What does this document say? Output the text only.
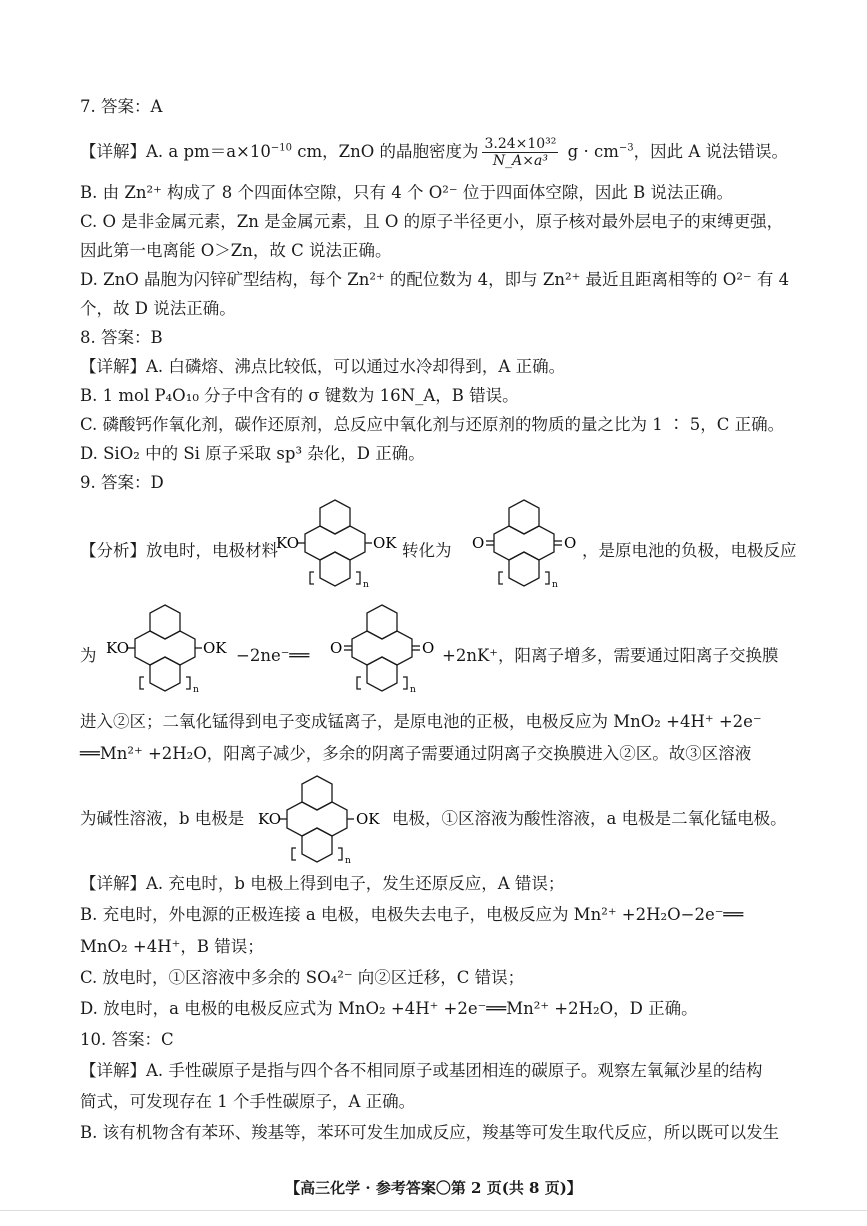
7. 答案：A
【详解】A. a $pm=a\times 10^{-10}$ cm，ZnO 的晶胞密度为 $\frac{\text{3.24×10³²}}{\text{N\_A×a³}}$ $g \cdot cm^{-3}$，因此 A 说法错误。
B. 由 Zn²⁺ 构成了 8 个四面体空隙，只有 4 个 O²⁻ 位于四面体空隙，因此 B 说法正确。
C. O 是非金属元素，Zn 是金属元素，且 O 的原子半径更小，原子核对最外层电子的束缚更强，
因此第一电离能 O＞Zn，故 C 说法正确。
D. ZnO 晶胞为闪锌矿型结构，每个 Zn²⁺ 的配位数为 4，即与 Zn²⁺ 最近且距离相等的 O²⁻ 有 4
个，故 D 说法正确。
8. 答案：B
【详解】A. 白磷熔、沸点比较低，可以通过水冷却得到，A 正确。
B. 1 mol P₄O₁₀ 分子中含有的 σ 键数为 16N_A，B 错误。
C. 磷酸钙作氧化剂，碳作还原剂，总反应中氧化剂与还原剂的物质的量之比为 1 ∶ 5，C 正确。
D. SiO₂ 中的 Si 原子采取 sp³ 杂化，D 正确。
9. 答案：D
【分析】放电时，电极材料	转化为	，是原电池的负极，电极反应
为	−2ne⁻══	+2nK⁺，阳离子增多，需要通过阳离子交换膜
进入②区；二氧化锰得到电子变成锰离子，是原电池的正极，电极反应为 MnO₂ +4H⁺ +2e⁻
══Mn²⁺ +2H₂O，阳离子减少，多余的阴离子需要通过阴离子交换膜进入②区。故③区溶液
为碱性溶液，b 电极是	电极，①区溶液为酸性溶液，a 电极是二氧化锰电极。
【详解】A. 充电时，b 电极上得到电子，发生还原反应，A 错误；
B. 充电时，外电源的正极连接 a 电极，电极失去电子，电极反应为 Mn²⁺ +2H₂O−2e⁻══
MnO₂ +4H⁺，B 错误；
C. 放电时，①区溶液中多余的 SO₄²⁻ 向②区迁移，C 错误；
D. 放电时，a 电极的电极反应式为 MnO₂ +4H⁺ +2e⁻══Mn²⁺ +2H₂O，D 正确。
10. 答案：C
【详解】A. 手性碳原子是指与四个各不相同原子或基团相连的碳原子。观察左氧氟沙星的结构
简式，可发现存在 1 个手性碳原子，A 正确。
B. 该有机物含有苯环、羧基等，苯环可发生加成反应，羧基等可发生取代反应，所以既可以发生
KO	OK
n
O	O
n
KO	OK
n
O	O
n
KO	OK
n
【高三化学 · 参考答案〇第 2 页(共 8 页)】
